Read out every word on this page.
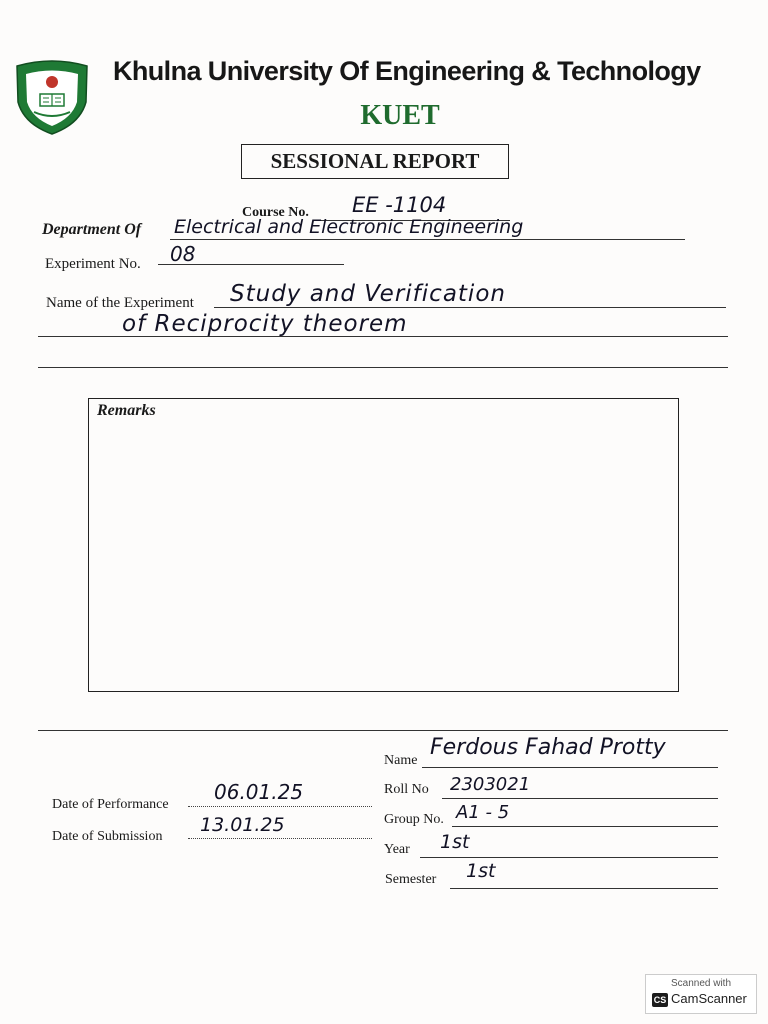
Khulna University Of Engineering & Technology
KUET
SESSIONAL REPORT
Course No. EE -1104
Department Of Electrical and Electronic Engineering
Experiment No. 08
Name of the Experiment Study and Verification
of Reciprocity theorem
Remarks
Name
Ferdous Fahad Protty
Roll No 2303021
Date of Performance
06.01.25
Group No. A1 - 5
Date of Submission
13.01.25
Year 1st
Semester 1st
Scanned with
CS CamScanner
